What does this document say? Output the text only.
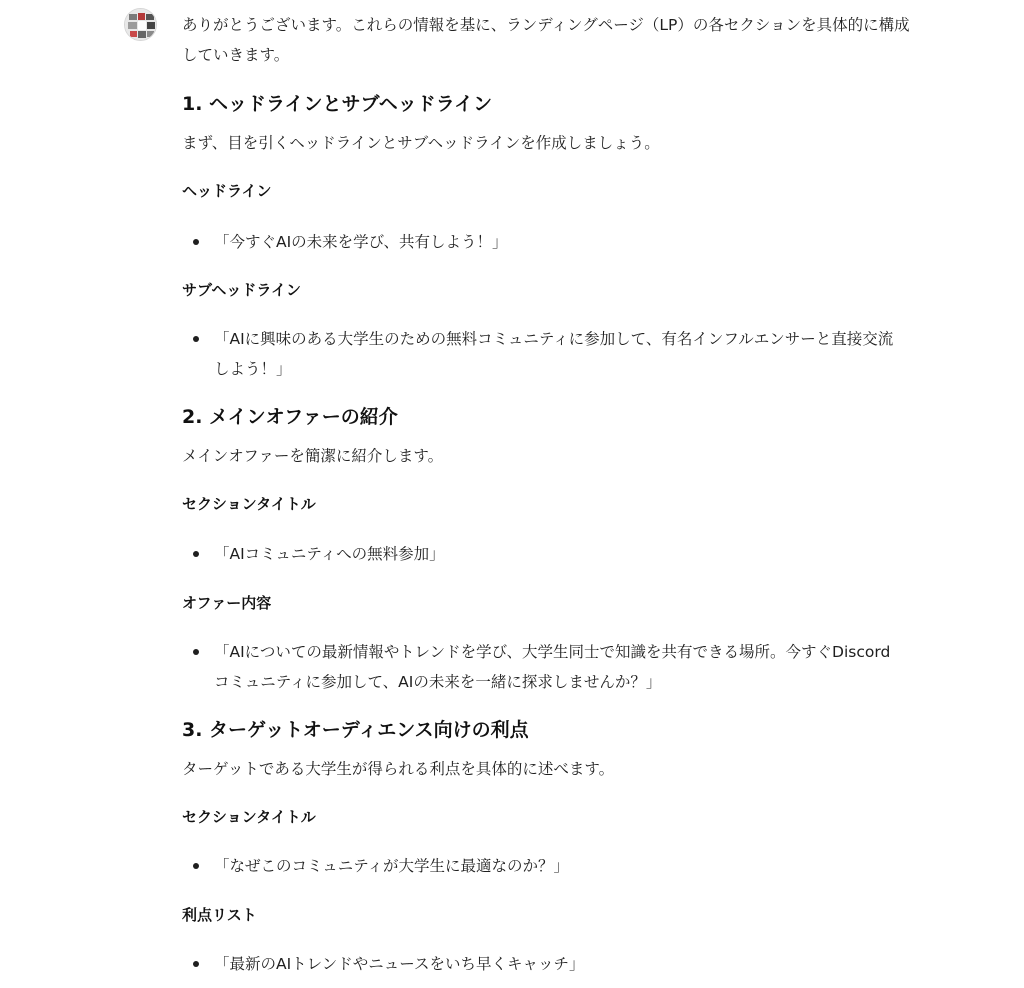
ありがとうございます。これらの情報を基に、ランディングページ（LP）の各セクションを具体的に構成していきます。

1. ヘッドラインとサブヘッドライン

まず、目を引くヘッドラインとサブヘッドラインを作成しましょう。

ヘッドライン

「今すぐAIの未来を学び、共有しよう！」

サブヘッドライン

「AIに興味のある大学生のための無料コミュニティに参加して、有名インフルエンサーと直接交流しよう！」

2. メインオファーの紹介

メインオファーを簡潔に紹介します。

セクションタイトル

「AIコミュニティへの無料参加」

オファー内容

「AIについての最新情報やトレンドを学び、大学生同士で知識を共有できる場所。今すぐDiscordコミュニティに参加して、AIの未来を一緒に探求しませんか？」

3. ターゲットオーディエンス向けの利点

ターゲットである大学生が得られる利点を具体的に述べます。

セクションタイトル

「なぜこのコミュニティが大学生に最適なのか？」

利点リスト

「最新のAIトレンドやニュースをいち早くキャッチ」
